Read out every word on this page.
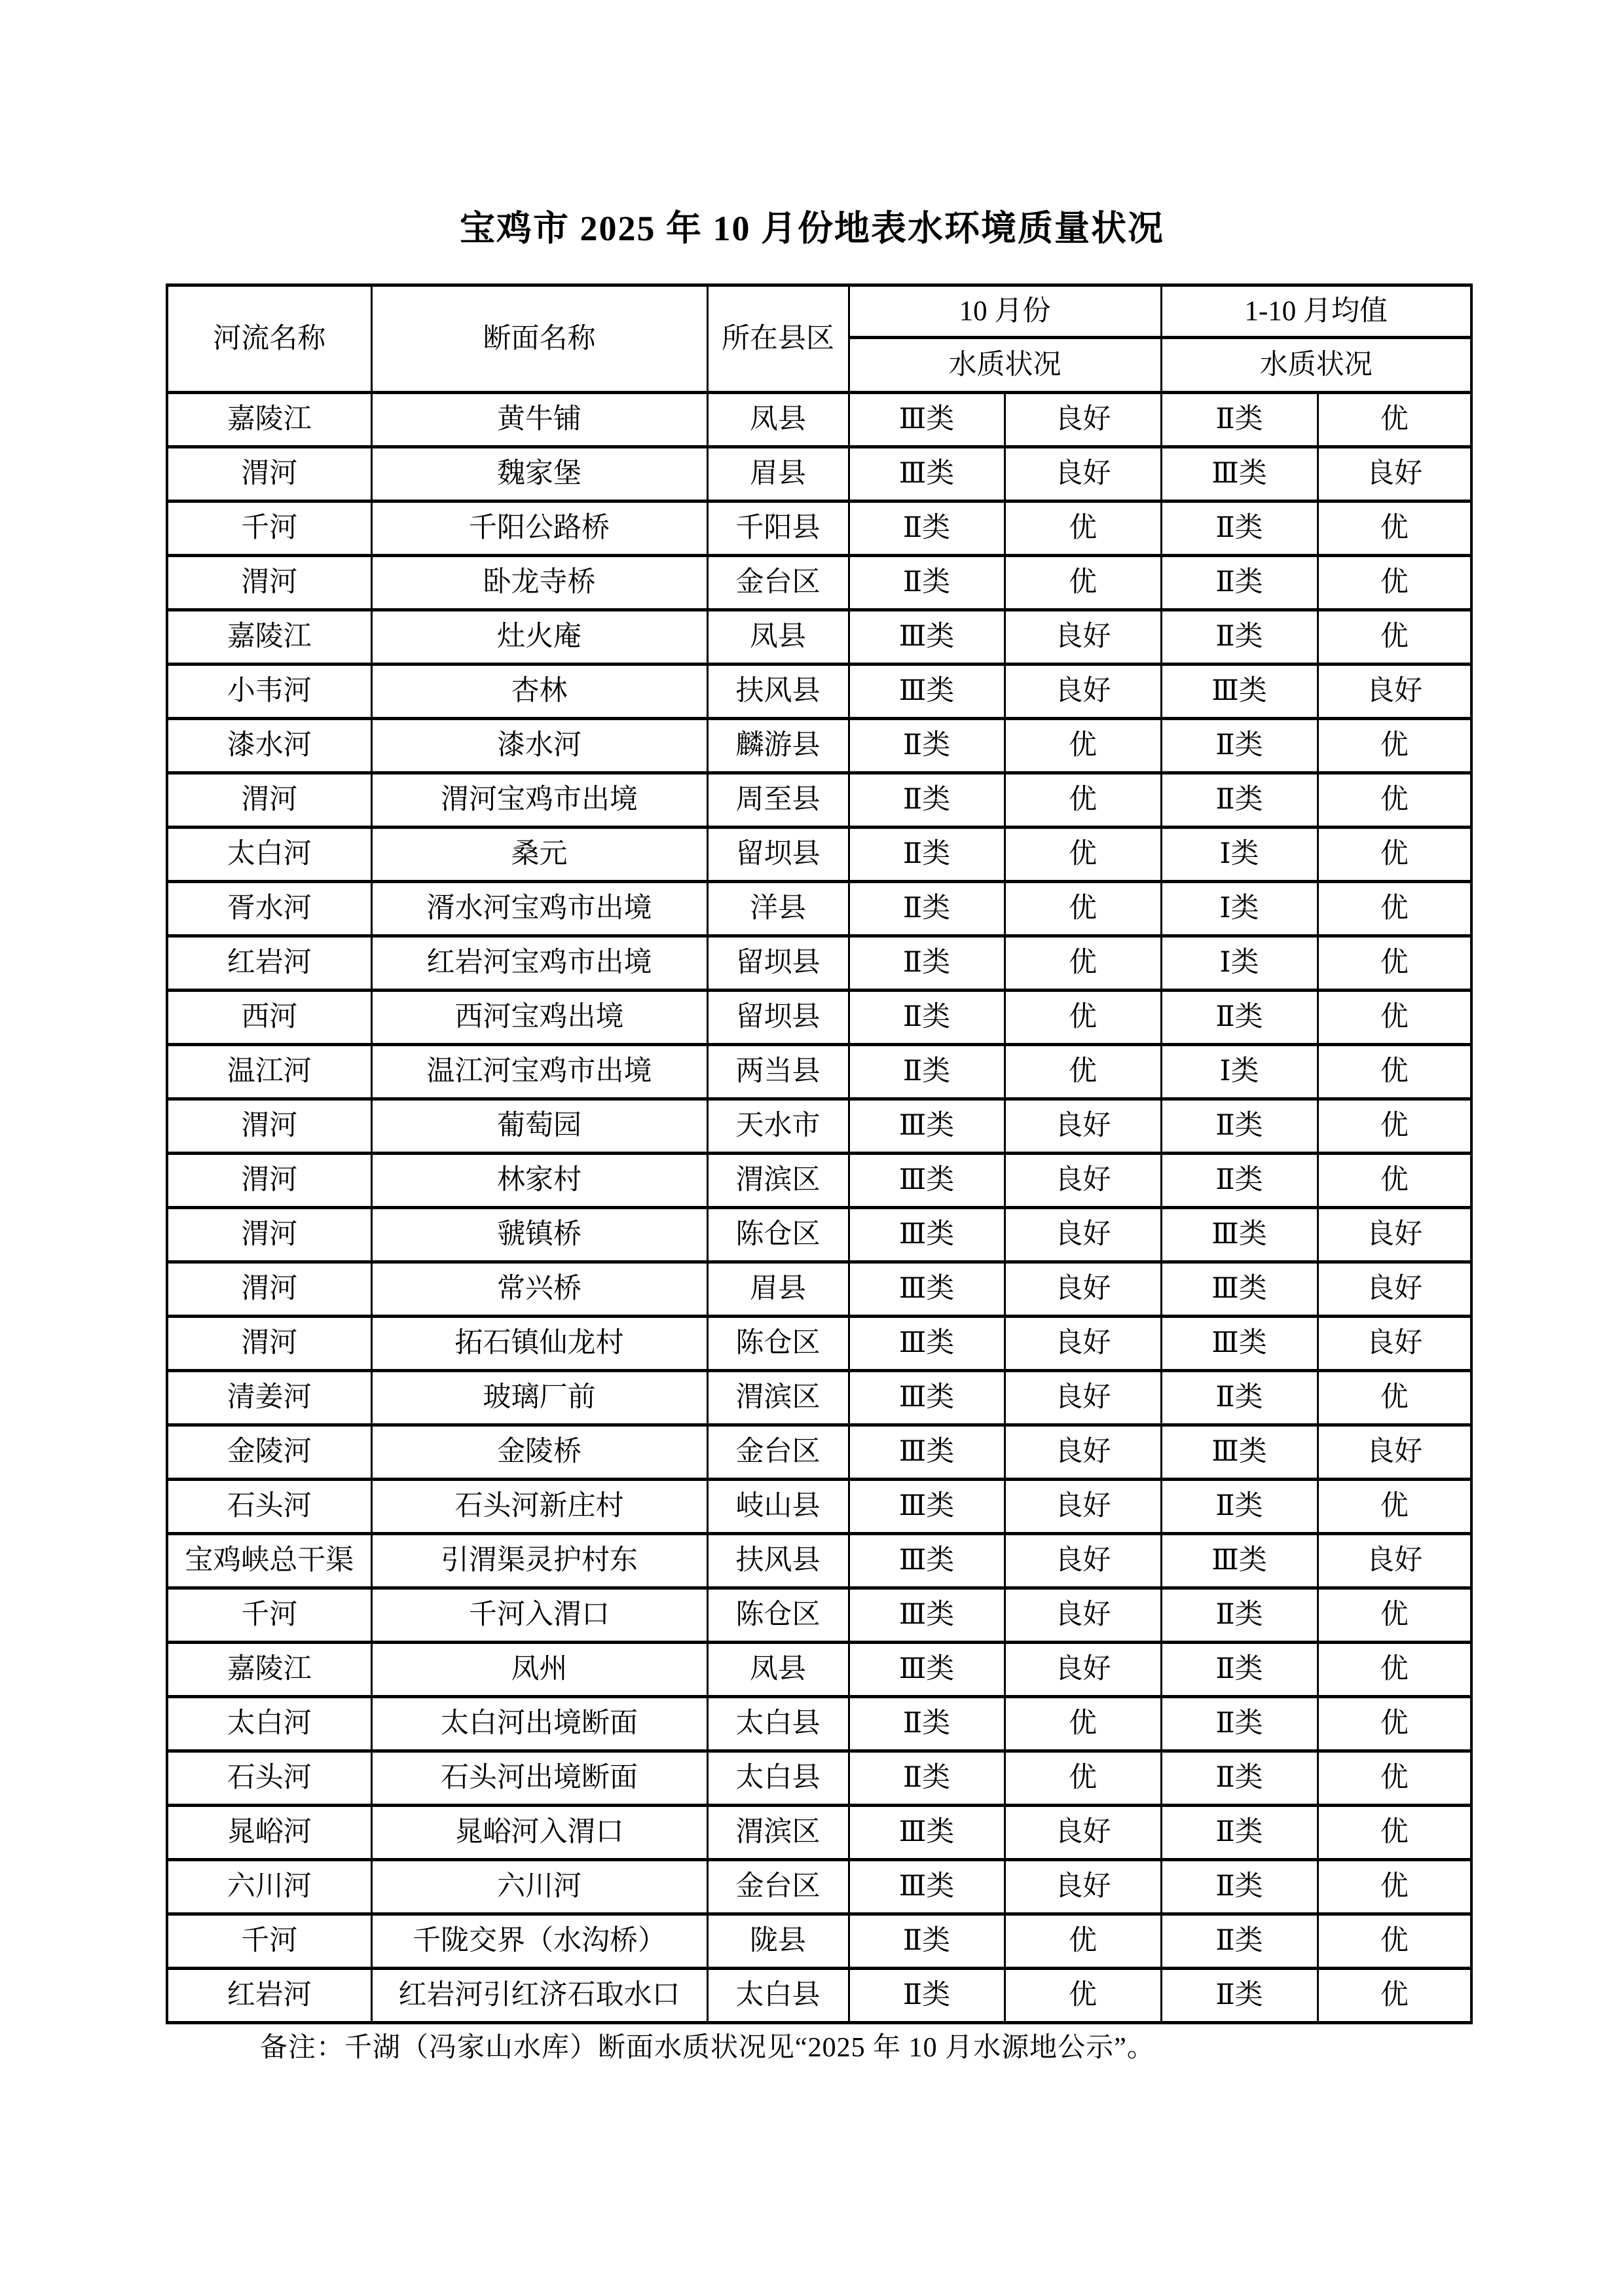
宝鸡市 2025 年 10 月份地表水环境质量状况
河流名称	断面名称	所在县区	10 月份		1-10 月均值	
			水质状况		水质状况	
嘉陵江	黄牛铺	凤县	Ⅲ类	良好	Ⅱ类	优
渭河	魏家堡	眉县	Ⅲ类	良好	Ⅲ类	良好
千河	千阳公路桥	千阳县	Ⅱ类	优	Ⅱ类	优
渭河	卧龙寺桥	金台区	Ⅱ类	优	Ⅱ类	优
嘉陵江	灶火庵	凤县	Ⅲ类	良好	Ⅱ类	优
小韦河	杏林	扶风县	Ⅲ类	良好	Ⅲ类	良好
漆水河	漆水河	麟游县	Ⅱ类	优	Ⅱ类	优
渭河	渭河宝鸡市出境	周至县	Ⅱ类	优	Ⅱ类	优
太白河	桑元	留坝县	Ⅱ类	优	Ⅰ类	优
胥水河	湑水河宝鸡市出境	洋县	Ⅱ类	优	Ⅰ类	优
红岩河	红岩河宝鸡市出境	留坝县	Ⅱ类	优	Ⅰ类	优
西河	西河宝鸡出境	留坝县	Ⅱ类	优	Ⅱ类	优
温江河	温江河宝鸡市出境	两当县	Ⅱ类	优	Ⅰ类	优
渭河	葡萄园	天水市	Ⅲ类	良好	Ⅱ类	优
渭河	林家村	渭滨区	Ⅲ类	良好	Ⅱ类	优
渭河	虢镇桥	陈仓区	Ⅲ类	良好	Ⅲ类	良好
渭河	常兴桥	眉县	Ⅲ类	良好	Ⅲ类	良好
渭河	拓石镇仙龙村	陈仓区	Ⅲ类	良好	Ⅲ类	良好
清姜河	玻璃厂前	渭滨区	Ⅲ类	良好	Ⅱ类	优
金陵河	金陵桥	金台区	Ⅲ类	良好	Ⅲ类	良好
石头河	石头河新庄村	岐山县	Ⅲ类	良好	Ⅱ类	优
宝鸡峡总干渠	引渭渠灵护村东	扶风县	Ⅲ类	良好	Ⅲ类	良好
千河	千河入渭口	陈仓区	Ⅲ类	良好	Ⅱ类	优
嘉陵江	凤州	凤县	Ⅲ类	良好	Ⅱ类	优
太白河	太白河出境断面	太白县	Ⅱ类	优	Ⅱ类	优
石头河	石头河出境断面	太白县	Ⅱ类	优	Ⅱ类	优
晁峪河	晁峪河入渭口	渭滨区	Ⅲ类	良好	Ⅱ类	优
六川河	六川河	金台区	Ⅲ类	良好	Ⅱ类	优
千河	千陇交界（水沟桥）	陇县	Ⅱ类	优	Ⅱ类	优
红岩河	红岩河引红济石取水口	太白县	Ⅱ类	优	Ⅱ类	优
备注：千湖（冯家山水库）断面水质状况见“2025 年 10 月水源地公示”。
